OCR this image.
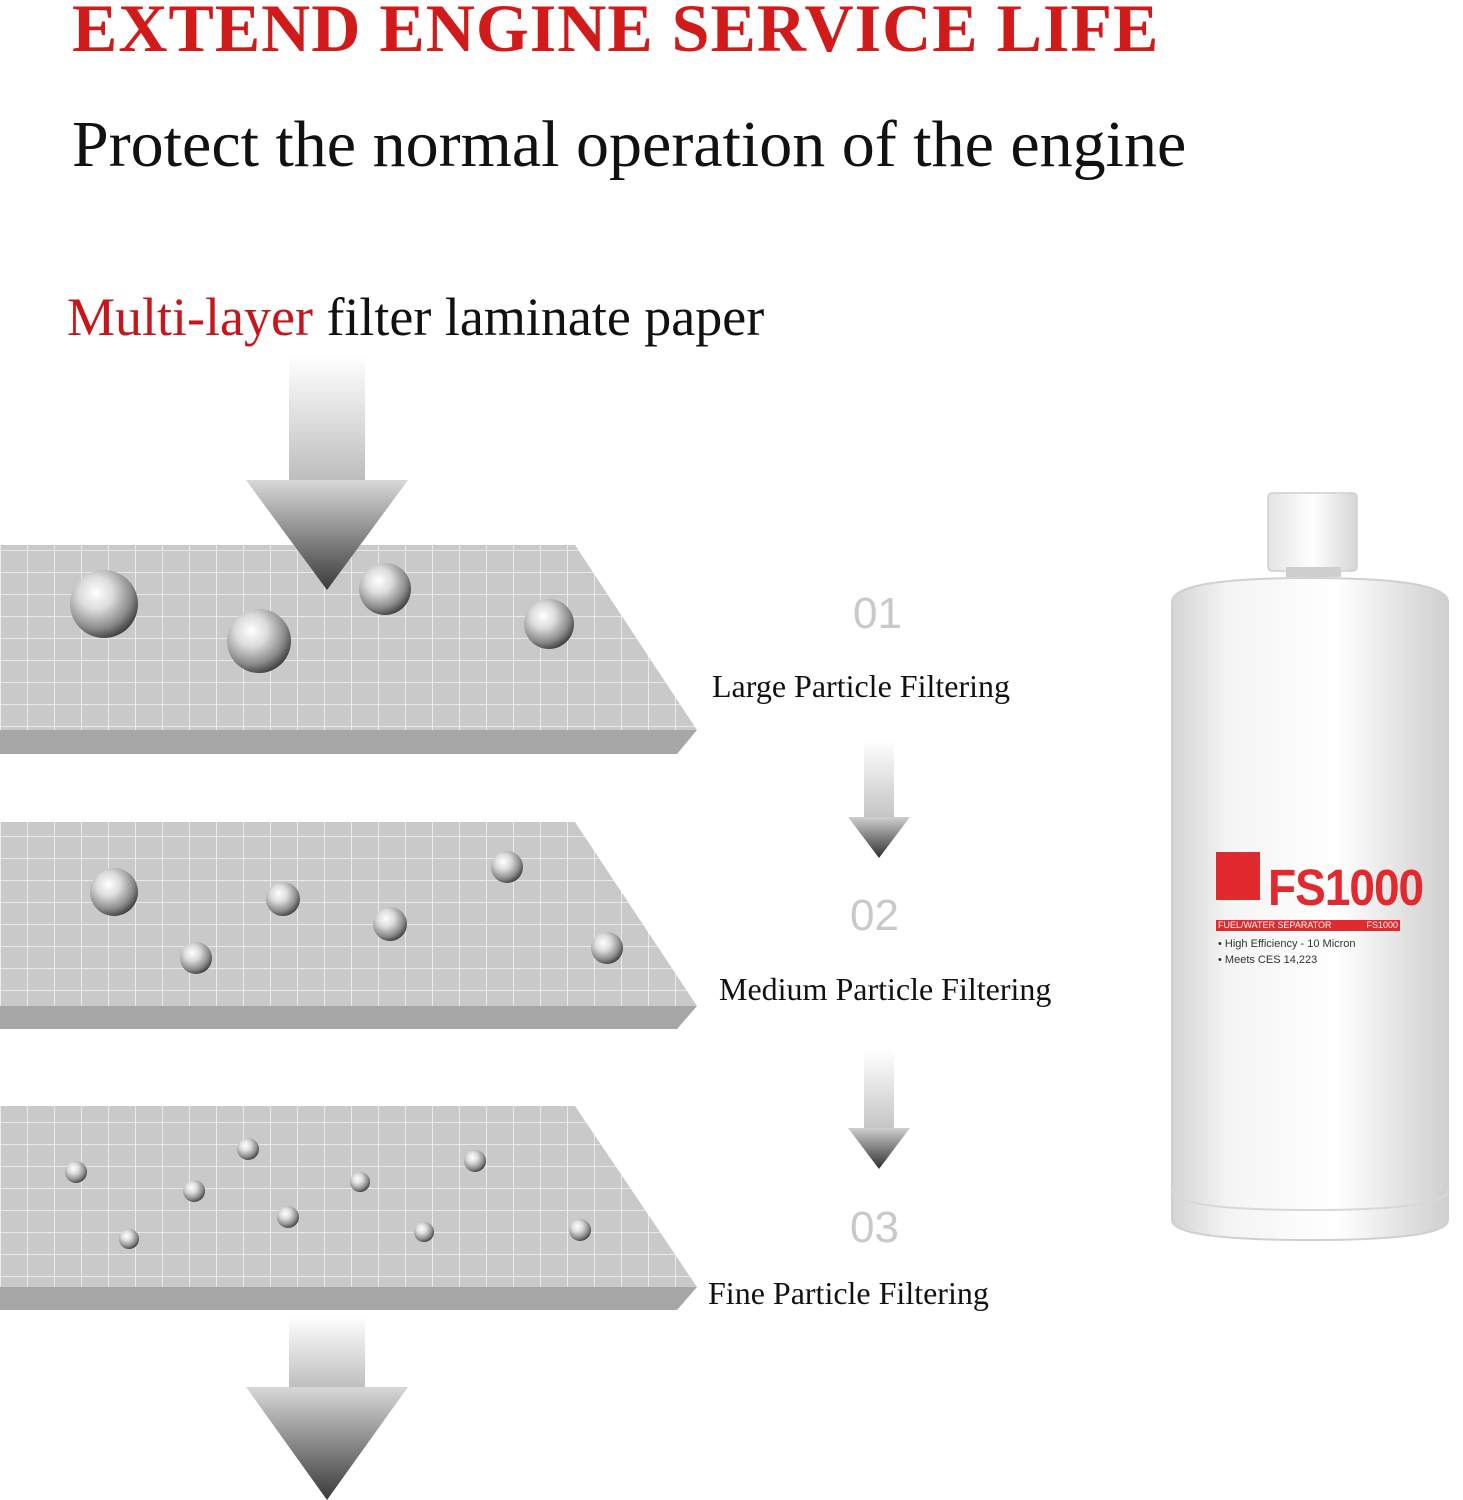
EXTEND ENGINE SERVICE LIFE
Protect the normal operation of the engine

Multi-layer filter laminate paper

FS1000
FUEL/WATER SEPARATOR	FS1000
• High Efficiency - 10 Micron
• Meets CES 14,223
01
Large Particle Filtering
02
Medium Particle Filtering
03
Fine Particle Filtering
